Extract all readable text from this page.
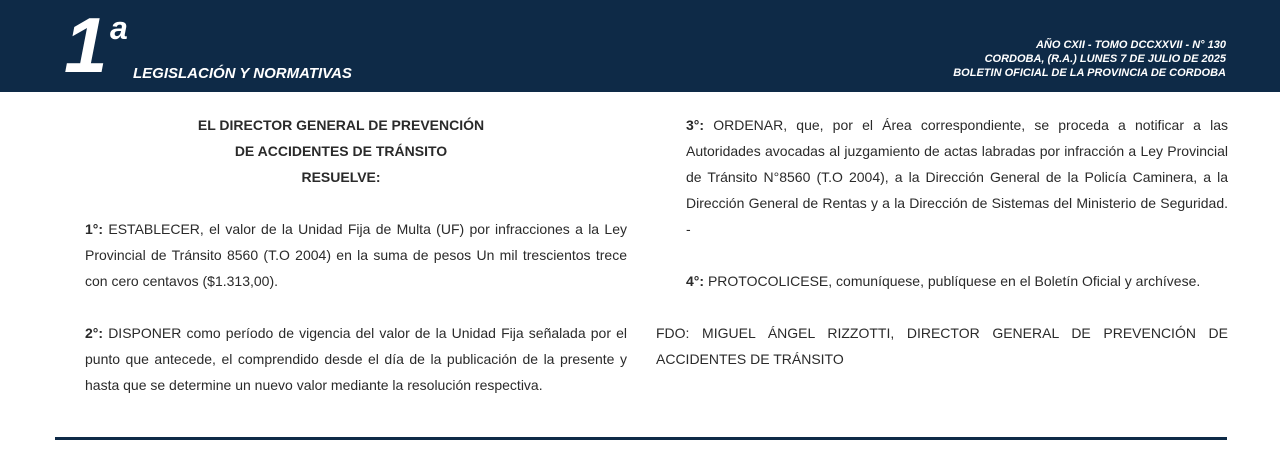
1 a
LEGISLACIÓN Y NORMATIVAS
AÑO CXII - TOMO DCCXXVII - N° 130
CORDOBA, (R.A.) LUNES 7 DE JULIO DE 2025
BOLETIN OFICIAL DE LA PROVINCIA DE CORDOBA
EL DIRECTOR GENERAL DE PREVENCIÓN
DE ACCIDENTES DE TRÁNSITO
RESUELVE:

1°: ESTABLECER, el valor de la Unidad Fija de Multa (UF) por infracciones a la Ley Provincial de Tránsito 8560 (T.O 2004) en la suma de pesos Un mil trescientos trece con cero centavos ($1.313,00).

2°: DISPONER como período de vigencia del valor de la Unidad Fija señalada por el punto que antecede, el comprendido desde el día de la publicación de la presente y hasta que se determine un nuevo valor mediante la resolución respectiva.

3°: ORDENAR, que, por el Área correspondiente, se proceda a notificar a las Autoridades avocadas al juzgamiento de actas labradas por infracción a Ley Provincial de Tránsito N°8560 (T.O 2004), a la Dirección General de la Policía Caminera, a la Dirección General de Rentas y a la Dirección de Sistemas del Ministerio de Seguridad. -

4°: PROTOCOLICESE, comuníquese, publíquese en el Boletín Oficial y archívese.

FDO: MIGUEL ÁNGEL RIZZOTTI, DIRECTOR GENERAL DE PREVENCIÓN DE ACCIDENTES DE TRÁNSITO
